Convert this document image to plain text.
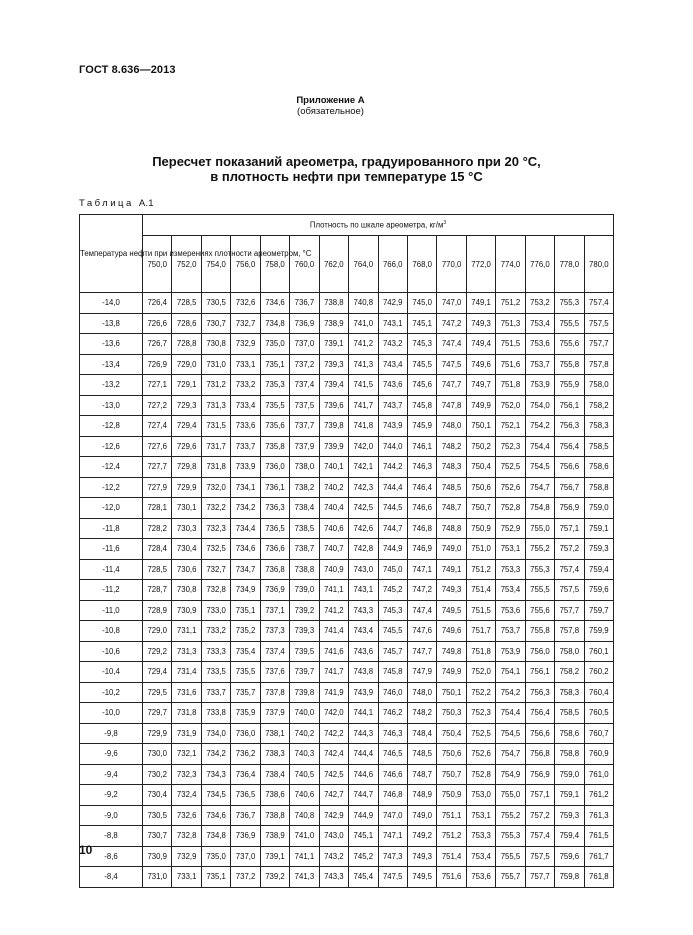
ГОСТ 8.636—2013
Приложение А
(обязательное)
Пересчет показаний ареометра, градуированного при 20 °С,
в плотность нефти при температуре 15 °С
Таблица А.1
Температура нефти при измерениях плотности ареометром, °С	Плотность по шкале ареометра, $кг/м^3$
	750,0	752,0	754,0	756,0	758,0	760,0	762,0	764,0	766,0	768,0	770,0	772,0	774,0	776,0	778,0	780,0
-14,0	726,4	728,5	730,5	732,6	734,6	736,7	738,8	740,8	742,9	745,0	747,0	749,1	751,2	753,2	755,3	757,4
-13,8	726,6	728,6	730,7	732,7	734,8	736,9	738,9	741,0	743,1	745,1	747,2	749,3	751,3	753,4	755,5	757,5
-13,6	726,7	728,8	730,8	732,9	735,0	737,0	739,1	741,2	743,2	745,3	747,4	749,4	751,5	753,6	755,6	757,7
-13,4	726,9	729,0	731,0	733,1	735,1	737,2	739,3	741,3	743,4	745,5	747,5	749,6	751,6	753,7	755,8	757,8
-13,2	727,1	729,1	731,2	733,2	735,3	737,4	739,4	741,5	743,6	745,6	747,7	749,7	751,8	753,9	755,9	758,0
-13,0	727,2	729,3	731,3	733,4	735,5	737,5	739,6	741,7	743,7	745,8	747,8	749,9	752,0	754,0	756,1	758,2
-12,8	727,4	729,4	731,5	733,6	735,6	737,7	739,8	741,8	743,9	745,9	748,0	750,1	752,1	754,2	756,3	758,3
-12,6	727,6	729,6	731,7	733,7	735,8	737,9	739,9	742,0	744,0	746,1	748,2	750,2	752,3	754,4	756,4	758,5
-12,4	727,7	729,8	731,8	733,9	736,0	738,0	740,1	742,1	744,2	746,3	748,3	750,4	752,5	754,5	756,6	758,6
-12,2	727,9	729,9	732,0	734,1	736,1	738,2	740,2	742,3	744,4	746,4	748,5	750,6	752,6	754,7	756,7	758,8
-12,0	728,1	730,1	732,2	734,2	736,3	738,4	740,4	742,5	744,5	746,6	748,7	750,7	752,8	754,8	756,9	759,0
-11,8	728,2	730,3	732,3	734,4	736,5	738,5	740,6	742,6	744,7	746,8	748,8	750,9	752,9	755,0	757,1	759,1
-11,6	728,4	730,4	732,5	734,6	736,6	738,7	740,7	742,8	744,9	746,9	749,0	751,0	753,1	755,2	757,2	759,3
-11,4	728,5	730,6	732,7	734,7	736,8	738,8	740,9	743,0	745,0	747,1	749,1	751,2	753,3	755,3	757,4	759,4
-11,2	728,7	730,8	732,8	734,9	736,9	739,0	741,1	743,1	745,2	747,2	749,3	751,4	753,4	755,5	757,5	759,6
-11,0	728,9	730,9	733,0	735,1	737,1	739,2	741,2	743,3	745,3	747,4	749,5	751,5	753,6	755,6	757,7	759,7
-10,8	729,0	731,1	733,2	735,2	737,3	739,3	741,4	743,4	745,5	747,6	749,6	751,7	753,7	755,8	757,8	759,9
-10,6	729,2	731,3	733,3	735,4	737,4	739,5	741,6	743,6	745,7	747,7	749,8	751,8	753,9	756,0	758,0	760,1
-10,4	729,4	731,4	733,5	735,5	737,6	739,7	741,7	743,8	745,8	747,9	749,9	752,0	754,1	756,1	758,2	760,2
-10,2	729,5	731,6	733,7	735,7	737,8	739,8	741,9	743,9	746,0	748,0	750,1	752,2	754,2	756,3	758,3	760,4
-10,0	729,7	731,8	733,8	735,9	737,9	740,0	742,0	744,1	746,2	748,2	750,3	752,3	754,4	756,4	758,5	760,5
-9,8	729,9	731,9	734,0	736,0	738,1	740,2	742,2	744,3	746,3	748,4	750,4	752,5	754,5	756,6	758,6	760,7
-9,6	730,0	732,1	734,2	736,2	738,3	740,3	742,4	744,4	746,5	748,5	750,6	752,6	754,7	756,8	758,8	760,9
-9,4	730,2	732,3	734,3	736,4	738,4	740,5	742,5	744,6	746,6	748,7	750,7	752,8	754,9	756,9	759,0	761,0
-9,2	730,4	732,4	734,5	736,5	738,6	740,6	742,7	744,7	746,8	748,9	750,9	753,0	755,0	757,1	759,1	761,2
-9,0	730,5	732,6	734,6	736,7	738,8	740,8	742,9	744,9	747,0	749,0	751,1	753,1	755,2	757,2	759,3	761,3
-8,8	730,7	732,8	734,8	736,9	738,9	741,0	743,0	745,1	747,1	749,2	751,2	753,3	755,3	757,4	759,4	761,5
-8,6	730,9	732,9	735,0	737,0	739,1	741,1	743,2	745,2	747,3	749,3	751,4	753,4	755,5	757,5	759,6	761,7
-8,4	731,0	733,1	735,1	737,2	739,2	741,3	743,3	745,4	747,5	749,5	751,6	753,6	755,7	757,7	759,8	761,8
10
